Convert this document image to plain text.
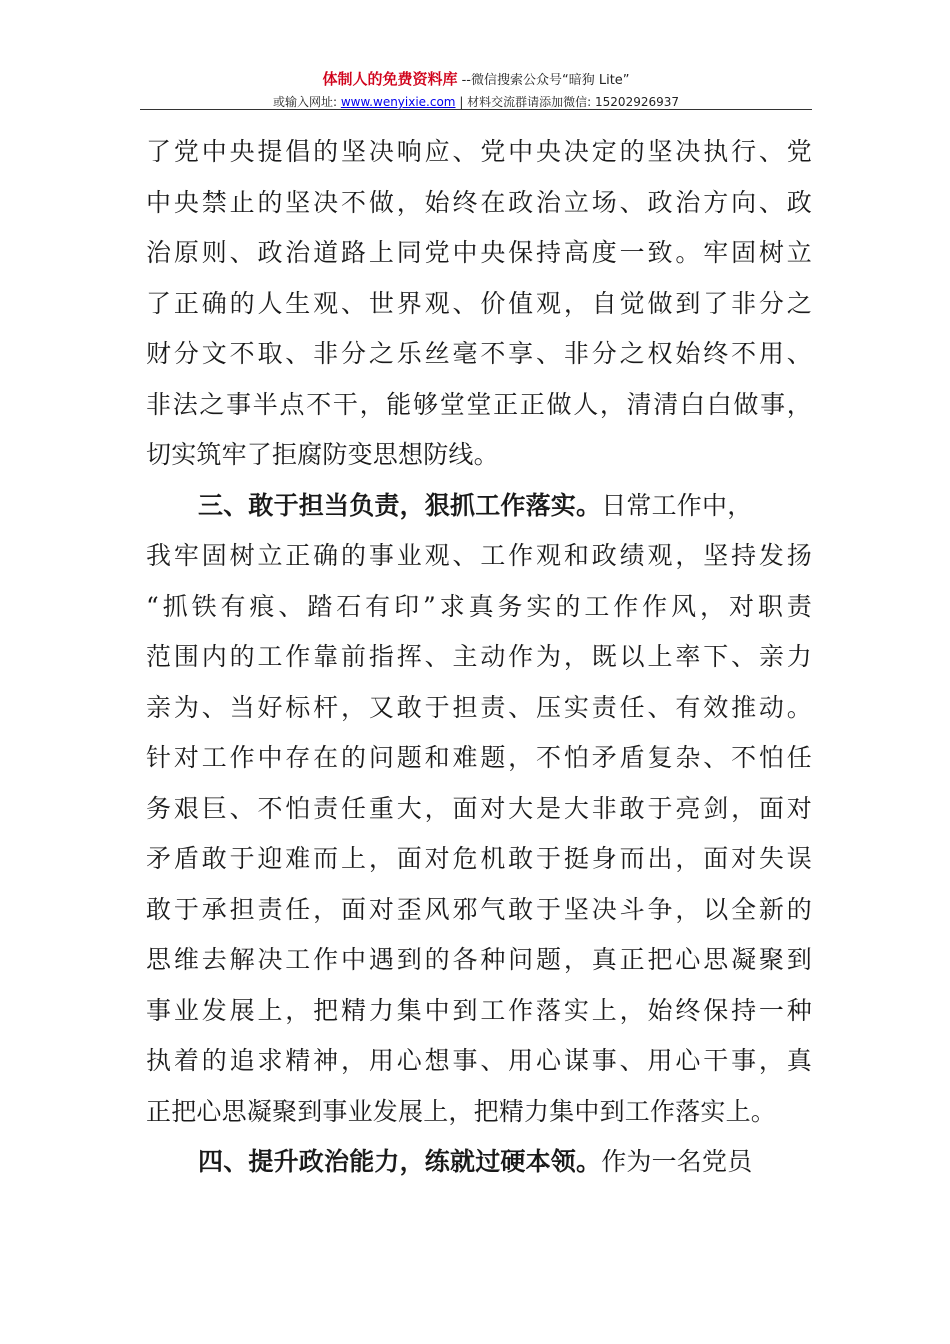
体制人的免费资料库 --微信搜索公众号“暗狗 Lite”
或输入网址: www.wenyixie.com | 材料交流群请添加微信: 15202926937
了党中央提倡的坚决响应、党中央决定的坚决执行、党
中央禁止的坚决不做，始终在政治立场、政治方向、政
治原则、政治道路上同党中央保持高度一致。牢固树立
了正确的人生观、世界观、价值观，自觉做到了非分之
财分文不取、非分之乐丝毫不享、非分之权始终不用、
非法之事半点不干，能够堂堂正正做人，清清白白做事，
切实筑牢了拒腐防变思想防线。
三、敢于担当负责，狠抓工作落实。日常工作中，
我牢固树立正确的事业观、工作观和政绩观，坚持发扬
“抓铁有痕、踏石有印”求真务实的工作作风，对职责
范围内的工作靠前指挥、主动作为，既以上率下、亲力
亲为、当好标杆，又敢于担责、压实责任、有效推动。
针对工作中存在的问题和难题，不怕矛盾复杂、不怕任
务艰巨、不怕责任重大，面对大是大非敢于亮剑，面对
矛盾敢于迎难而上，面对危机敢于挺身而出，面对失误
敢于承担责任，面对歪风邪气敢于坚决斗争，以全新的
思维去解决工作中遇到的各种问题，真正把心思凝聚到
事业发展上，把精力集中到工作落实上，始终保持一种
执着的追求精神，用心想事、用心谋事、用心干事，真
正把心思凝聚到事业发展上，把精力集中到工作落实上。
四、提升政治能力，练就过硬本领。作为一名党员
